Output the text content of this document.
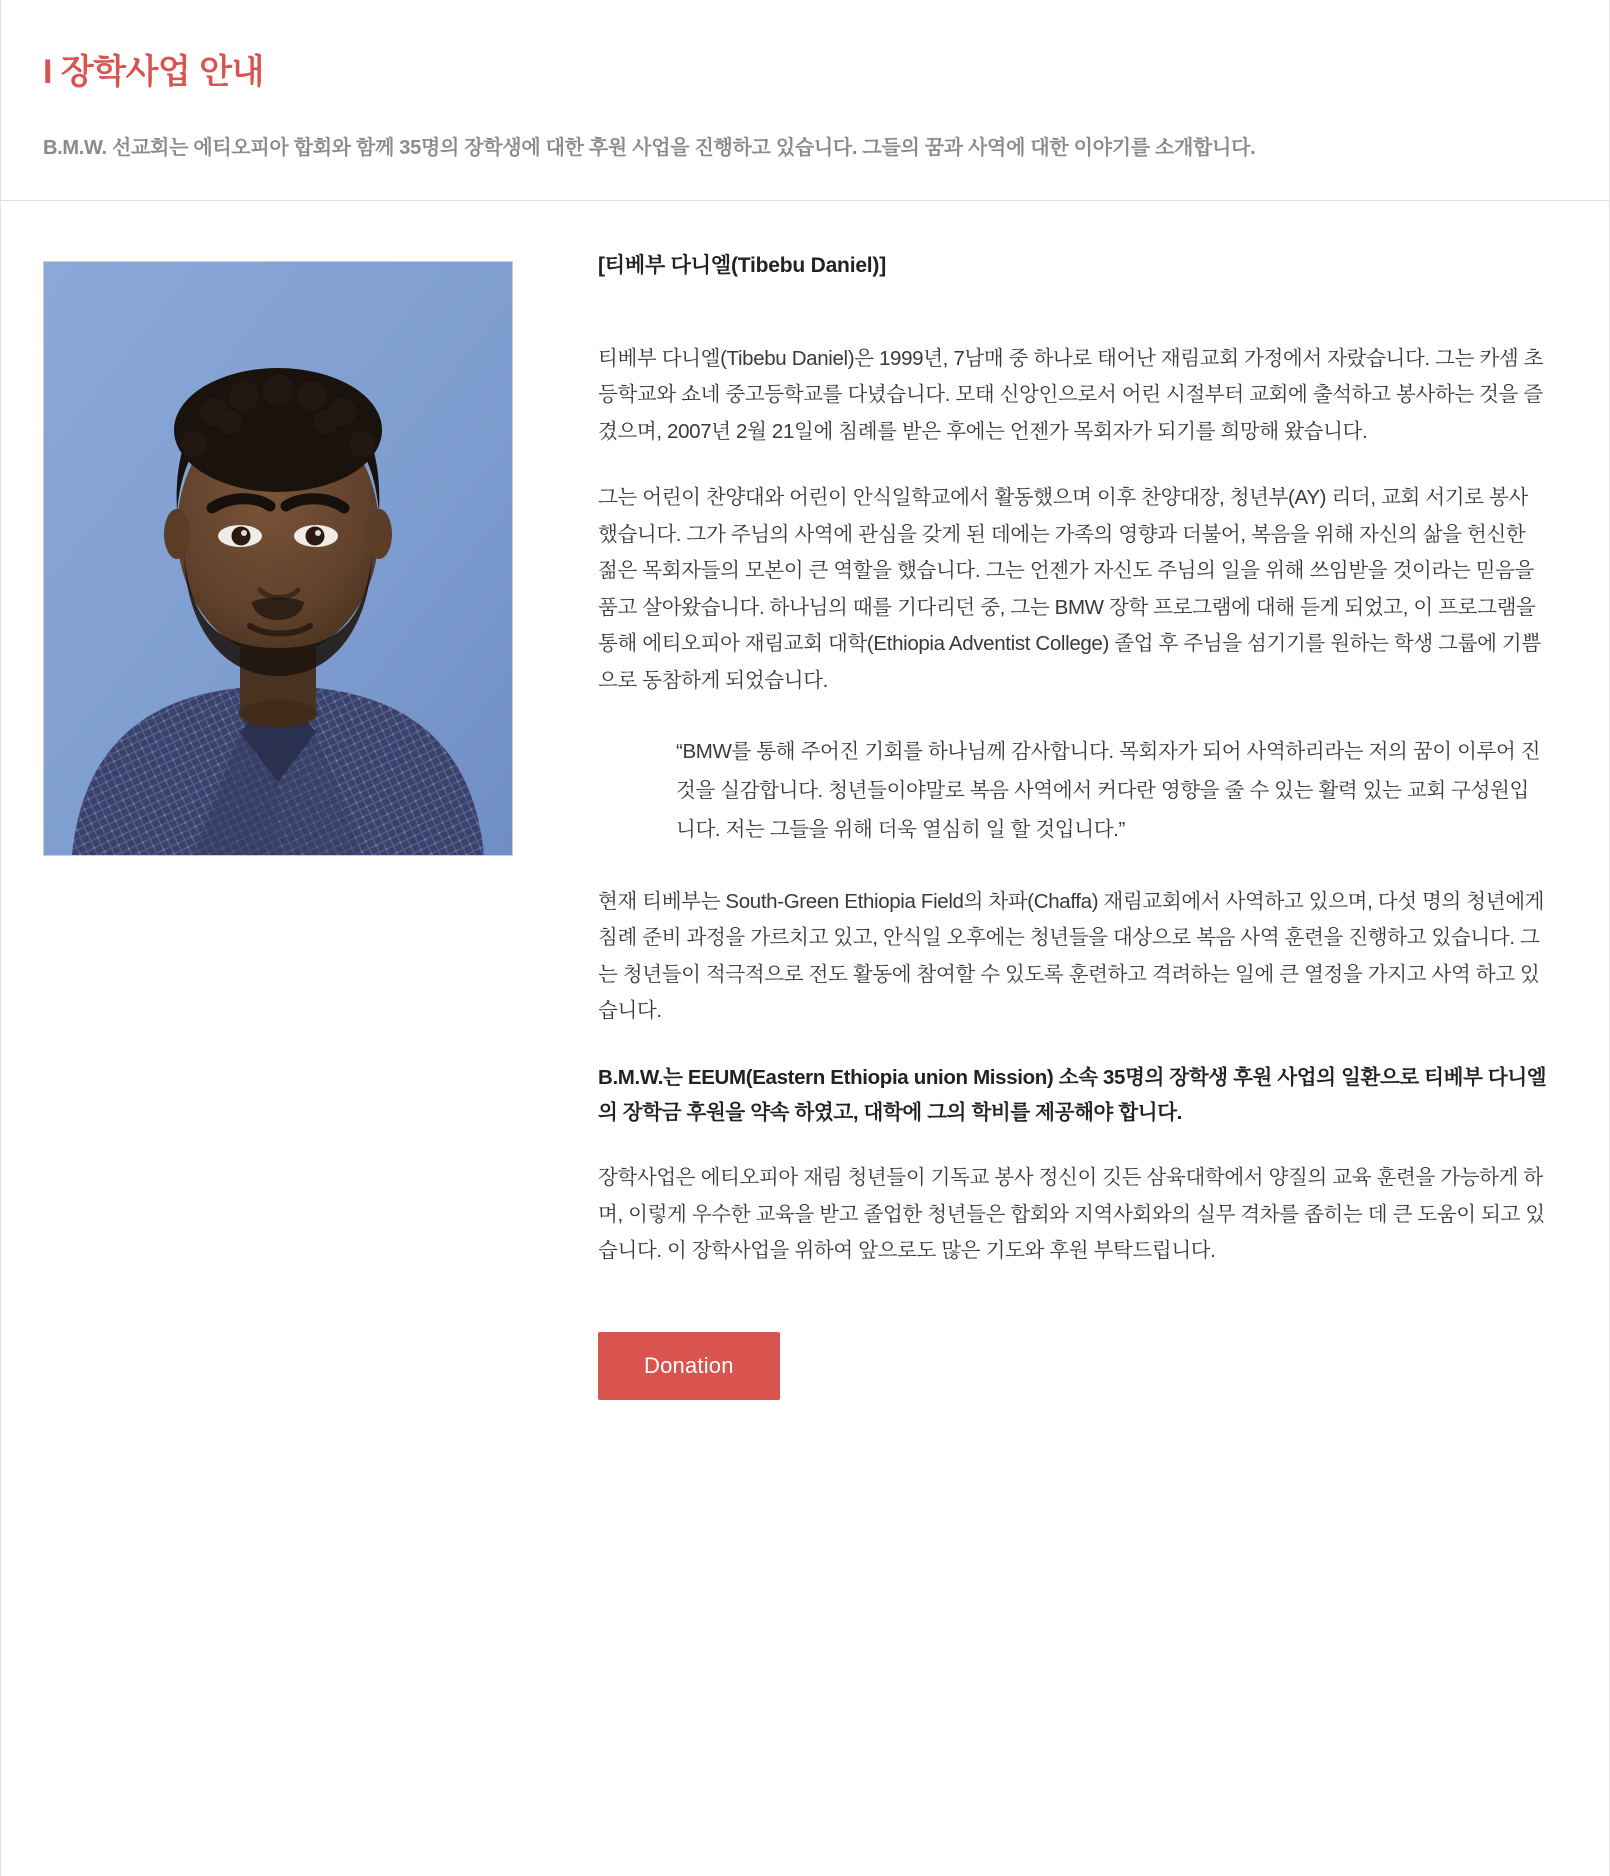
I 장학사업 안내

B.M.W. 선교회는 에티오피아 합회와 함께 35명의 장학생에 대한 후원 사업을 진행하고 있습니다. 그들의 꿈과 사역에 대한 이야기를 소개합니다.

[티베부 다니엘(Tibebu Daniel)]

티베부 다니엘(Tibebu Daniel)은 1999년, 7남매 중 하나로 태어난 재림교회 가정에서 자랐습니다. 그는 카셈 초등학교와 쇼네 중고등학교를 다녔습니다. 모태 신앙인으로서 어린 시절부터 교회에 출석하고 봉사하는 것을 즐겼으며, 2007년 2월 21일에 침례를 받은 후에는 언젠가 목회자가 되기를 희망해 왔습니다.

그는 어린이 찬양대와 어린이 안식일학교에서 활동했으며 이후 찬양대장, 청년부(AY) 리더, 교회 서기로 봉사했습니다. 그가 주님의 사역에 관심을 갖게 된 데에는 가족의 영향과 더불어, 복음을 위해 자신의 삶을 헌신한 젊은 목회자들의 모본이 큰 역할을 했습니다. 그는 언젠가 자신도 주님의 일을 위해 쓰임받을 것이라는 믿음을 품고 살아왔습니다. 하나님의 때를 기다리던 중, 그는 BMW 장학 프로그램에 대해 듣게 되었고, 이 프로그램을 통해 에티오피아 재림교회 대학(Ethiopia Adventist College) 졸업 후 주님을 섬기기를 원하는 학생 그룹에 기쁨으로 동참하게 되었습니다.

“BMW를 통해 주어진 기회를 하나님께 감사합니다. 목회자가 되어 사역하리라는 저의 꿈이 이루어 진 것을 실감합니다. 청년들이야말로 복음 사역에서 커다란 영향을 줄 수 있는 활력 있는 교회 구성원입니다. 저는 그들을 위해 더욱 열심히 일 할 것입니다.”

현재 티베부는 South-Green Ethiopia Field의 차파(Chaffa) 재림교회에서 사역하고 있으며, 다섯 명의 청년에게 침례 준비 과정을 가르치고 있고, 안식일 오후에는 청년들을 대상으로 복음 사역 훈련을 진행하고 있습니다. 그는 청년들이 적극적으로 전도 활동에 참여할 수 있도록 훈련하고 격려하는 일에 큰 열정을 가지고 사역 하고 있습니다.

B.M.W.는 EEUM(Eastern Ethiopia union Mission) 소속 35명의 장학생 후원 사업의 일환으로 티베부 다니엘의 장학금 후원을 약속 하였고, 대학에 그의 학비를 제공해야 합니다.

장학사업은 에티오피아 재림 청년들이 기독교 봉사 정신이 깃든 삼육대학에서 양질의 교육 훈련을 가능하게 하며, 이렇게 우수한 교육을 받고 졸업한 청년들은 합회와 지역사회와의 실무 격차를 좁히는 데 큰 도움이 되고 있습니다. 이 장학사업을 위하여 앞으로도 많은 기도와 후원 부탁드립니다.

Donation
